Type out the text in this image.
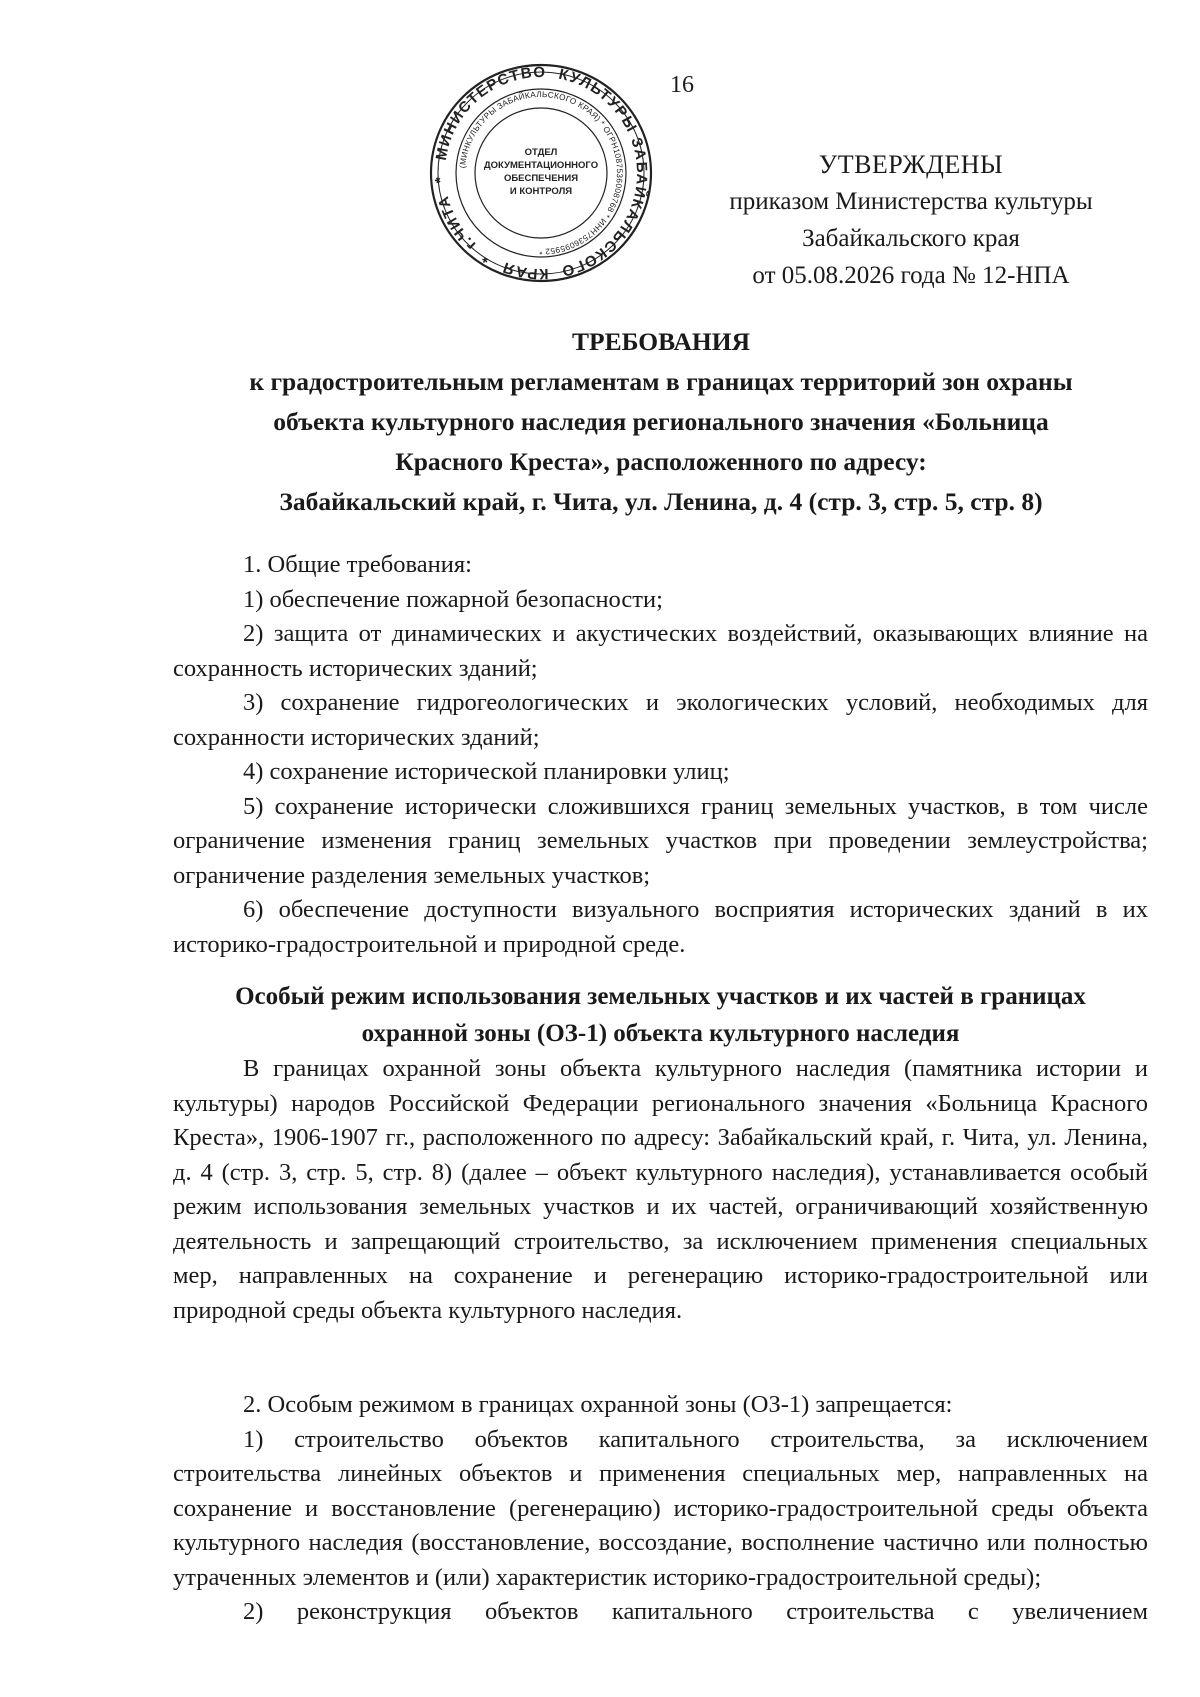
16
МИНИСТЕРСТВО КУЛЬТУРЫ ЗАБАЙКАЛЬСКОГО КРАЯ * г.ЧИТА *
(МИНКУЛЬТУРЫ ЗАБАЙКАЛЬСКОГО КРАЯ) * ОГРН1087536008768 * ИНН7536095952 *
ОТДЕЛ
ДОКУМЕНТАЦИОННОГО
ОБЕСПЕЧЕНИЯ
И КОНТРОЛЯ
УТВЕРЖДЕНЫ
приказом Министерства культуры
Забайкальского края
от 05.08.2026 года № 12-НПА
ТРЕБОВАНИЯ
к градостроительным регламентам в границах территорий зон охраны
объекта культурного наследия регионального значения «Больница
Красного Креста», расположенного по адресу:
Забайкальский край, г. Чита, ул. Ленина, д. 4 (стр. 3, стр. 5, стр. 8)

1. Общие требования:

1) обеспечение пожарной безопасности;

2) защита от динамических и акустических воздействий, оказывающих влияние на сохранность исторических зданий;

3) сохранение гидрогеологических и экологических условий, необходимых для сохранности исторических зданий;

4) сохранение исторической планировки улиц;

5) сохранение исторически сложившихся границ земельных участков, в том числе ограничение изменения границ земельных участков при проведении землеустройства; ограничение разделения земельных участков;

6) обеспечение доступности визуального восприятия исторических зданий в их историко-градостроительной и природной среде.

Особый режим использования земельных участков и их частей в границах

охранной зоны (ОЗ-1) объекта культурного наследия

В границах охранной зоны объекта культурного наследия (памятника истории и культуры) народов Российской Федерации регионального значения «Больница Красного Креста», 1906-1907 гг., расположенного по адресу: Забайкальский край, г. Чита, ул. Ленина, д. 4 (стр. 3, стр. 5, стр. 8) (далее – объект культурного наследия), устанавливается особый режим использования земельных участков и их частей, ограничивающий хозяйственную деятельность и запрещающий строительство, за исключением применения специальных мер, направленных на сохранение и регенерацию историко-градостроительной или природной среды объекта культурного наследия.

2. Особым режимом в границах охранной зоны (ОЗ-1) запрещается:

1) строительство объектов капитального строительства, за исключением строительства линейных объектов и применения специальных мер, направленных на сохранение и восстановление (регенерацию) историко-градостроительной среды объекта культурного наследия (восстановление, воссоздание, восполнение частично или полностью утраченных элементов и (или) характеристик историко-градостроительной среды);

2) реконструкция объектов капитального строительства с увеличением
